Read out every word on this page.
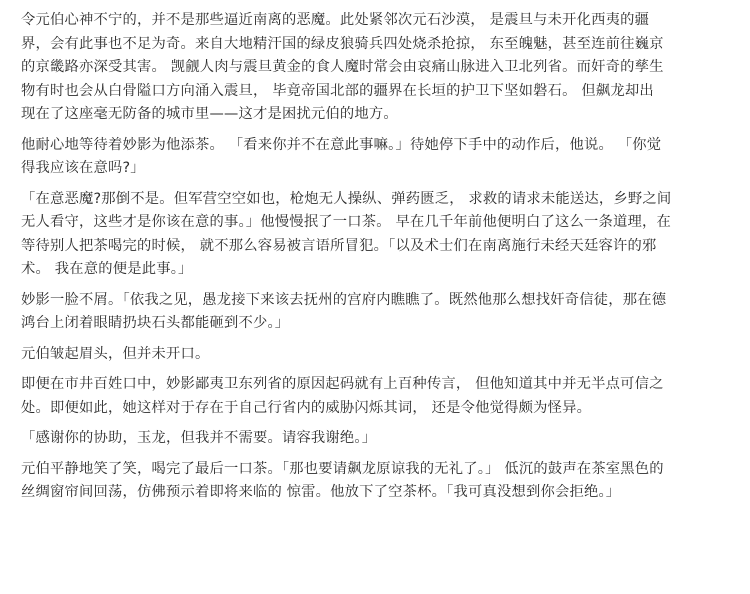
令元伯心神不宁的，并不是那些逼近南离的恶魔。此处紧邻次元石沙漠， 是震旦与未开化西夷的疆
界，会有此事也不足为奇。来自大地精汗国的绿皮狼骑兵四处烧杀抢掠， 东至魄魅，甚至连前往巍京
的京畿路亦深受其害。 觊觎人肉与震旦黄金的食人魔时常会由哀痛山脉进入卫北列省。而奸奇的孳生
物有时也会从白骨隘口方向涌入震旦， 毕竟帝国北部的疆界在长垣的护卫下坚如磐石。 但飙龙却出
现在了这座毫无防备的城市里——这才是困扰元伯的地方。

他耐心地等待着妙影为他添茶。 「看来你并不在意此事嘛。」待她停下手中的动作后，他说。 「你觉
得我应该在意吗?」

「在意恶魔?那倒不是。但军营空空如也，枪炮无人操纵、弹药匮乏， 求救的请求未能送达，乡野之间
无人看守，这些才是你该在意的事。」他慢慢抿了一口茶。 早在几千年前他便明白了这么一条道理，在
等待别人把茶喝完的时候， 就不那么容易被言语所冒犯。「以及术士们在南离施行未经天廷容许的邪
术。 我在意的便是此事。」

妙影一脸不屑。「依我之见，愚龙接下来该去抚州的宫府内瞧瞧了。既然他那么想找奸奇信徒，那在德
鸿台上闭着眼睛扔块石头都能砸到不少。」

元伯皱起眉头，但并未开口。

即便在市井百姓口中，妙影鄙夷卫东列省的原因起码就有上百种传言， 但他知道其中并无半点可信之
处。即便如此，她这样对于存在于自己行省内的威胁闪烁其词， 还是令他觉得颇为怪异。

「感谢你的协助，玉龙，但我并不需要。请容我谢绝。」

元伯平静地笑了笑，喝完了最后一口茶。「那也要请飙龙原谅我的无礼了。」 低沉的鼓声在茶室黑色的
丝绸窗帘间回荡，仿佛预示着即将来临的 惊雷。他放下了空茶杯。「我可真没想到你会拒绝。」
